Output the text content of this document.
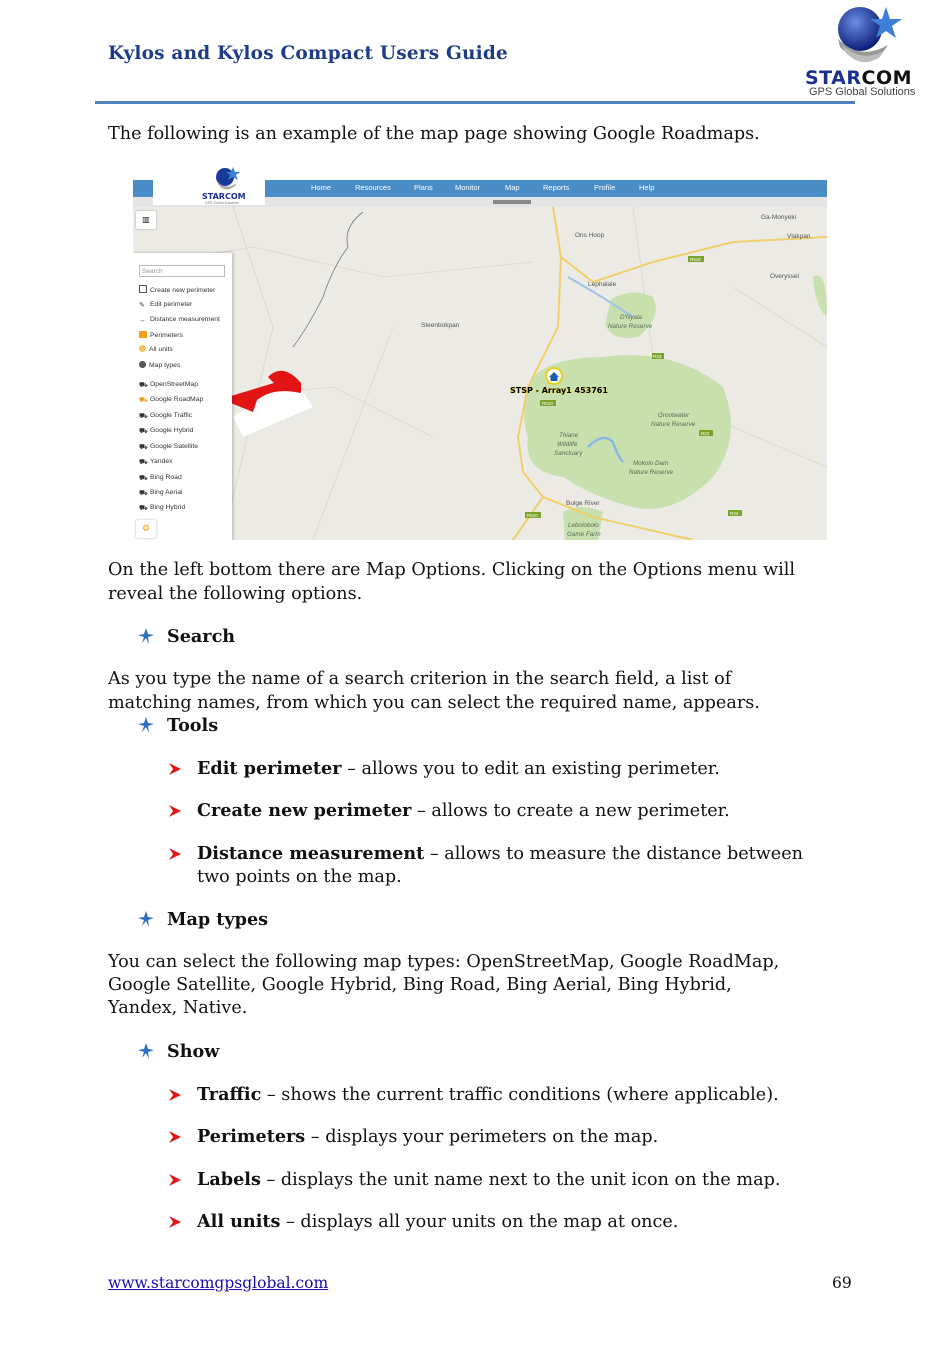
Kylos and Kylos Compact Users Guide
STARCOM
GPS Global Solutions
The following is an example of the map page showing Google Roadmaps.
Home	Resources	Plans	Monitor	Map	Reports	Profile	Help
STARCOM
GPS Global Solutions
R518
R33
R510
R33
R510	R33
Ga-Monyeki
Vlakpan
Ons Hoop
Overyssel
Lephalale
Steenbokpan
Bulge River
D'Nyala
Nature Reserve
Grootwater
Nature Reserve
Thiane
Wildlife
Sanctuary
Mokolo Dam
Nature Reserve
Lebolobolo
Game Farm
STSP - Array1 453761
▥
Search
Create new perimeter
✎ Edit perimeter
↔ Distance measurement
Perimeters
All units
Map types
⛟ OpenStreetMap
⛟ Google RoadMap
⛟ Google Traffic
⛟ Google Hybrid
⛟ Google Satellite
⛟ Yandex
⛟ Bing Road
⛟ Bing Aerial
⛟ Bing Hybrid
⚙
On the left bottom there are Map Options. Clicking on the Options menu will
reveal the following options.
Search
As you type the name of a search criterion in the search field, a list of
matching names, from which you can select the required name, appears.
Tools
Edit perimeter – allows you to edit an existing perimeter.
Create new perimeter – allows to create a new perimeter.
Distance measurement – allows to measure the distance between
two points on the map.
Map types
You can select the following map types: OpenStreetMap, Google RoadMap,
Google Satellite, Google Hybrid, Bing Road, Bing Aerial, Bing Hybrid,
Yandex, Native.
Show
Traffic – shows the current traffic conditions (where applicable).
Perimeters – displays your perimeters on the map.
Labels – displays the unit name next to the unit icon on the map.
All units – displays all your units on the map at once.
www.starcomgpsglobal.com	69
